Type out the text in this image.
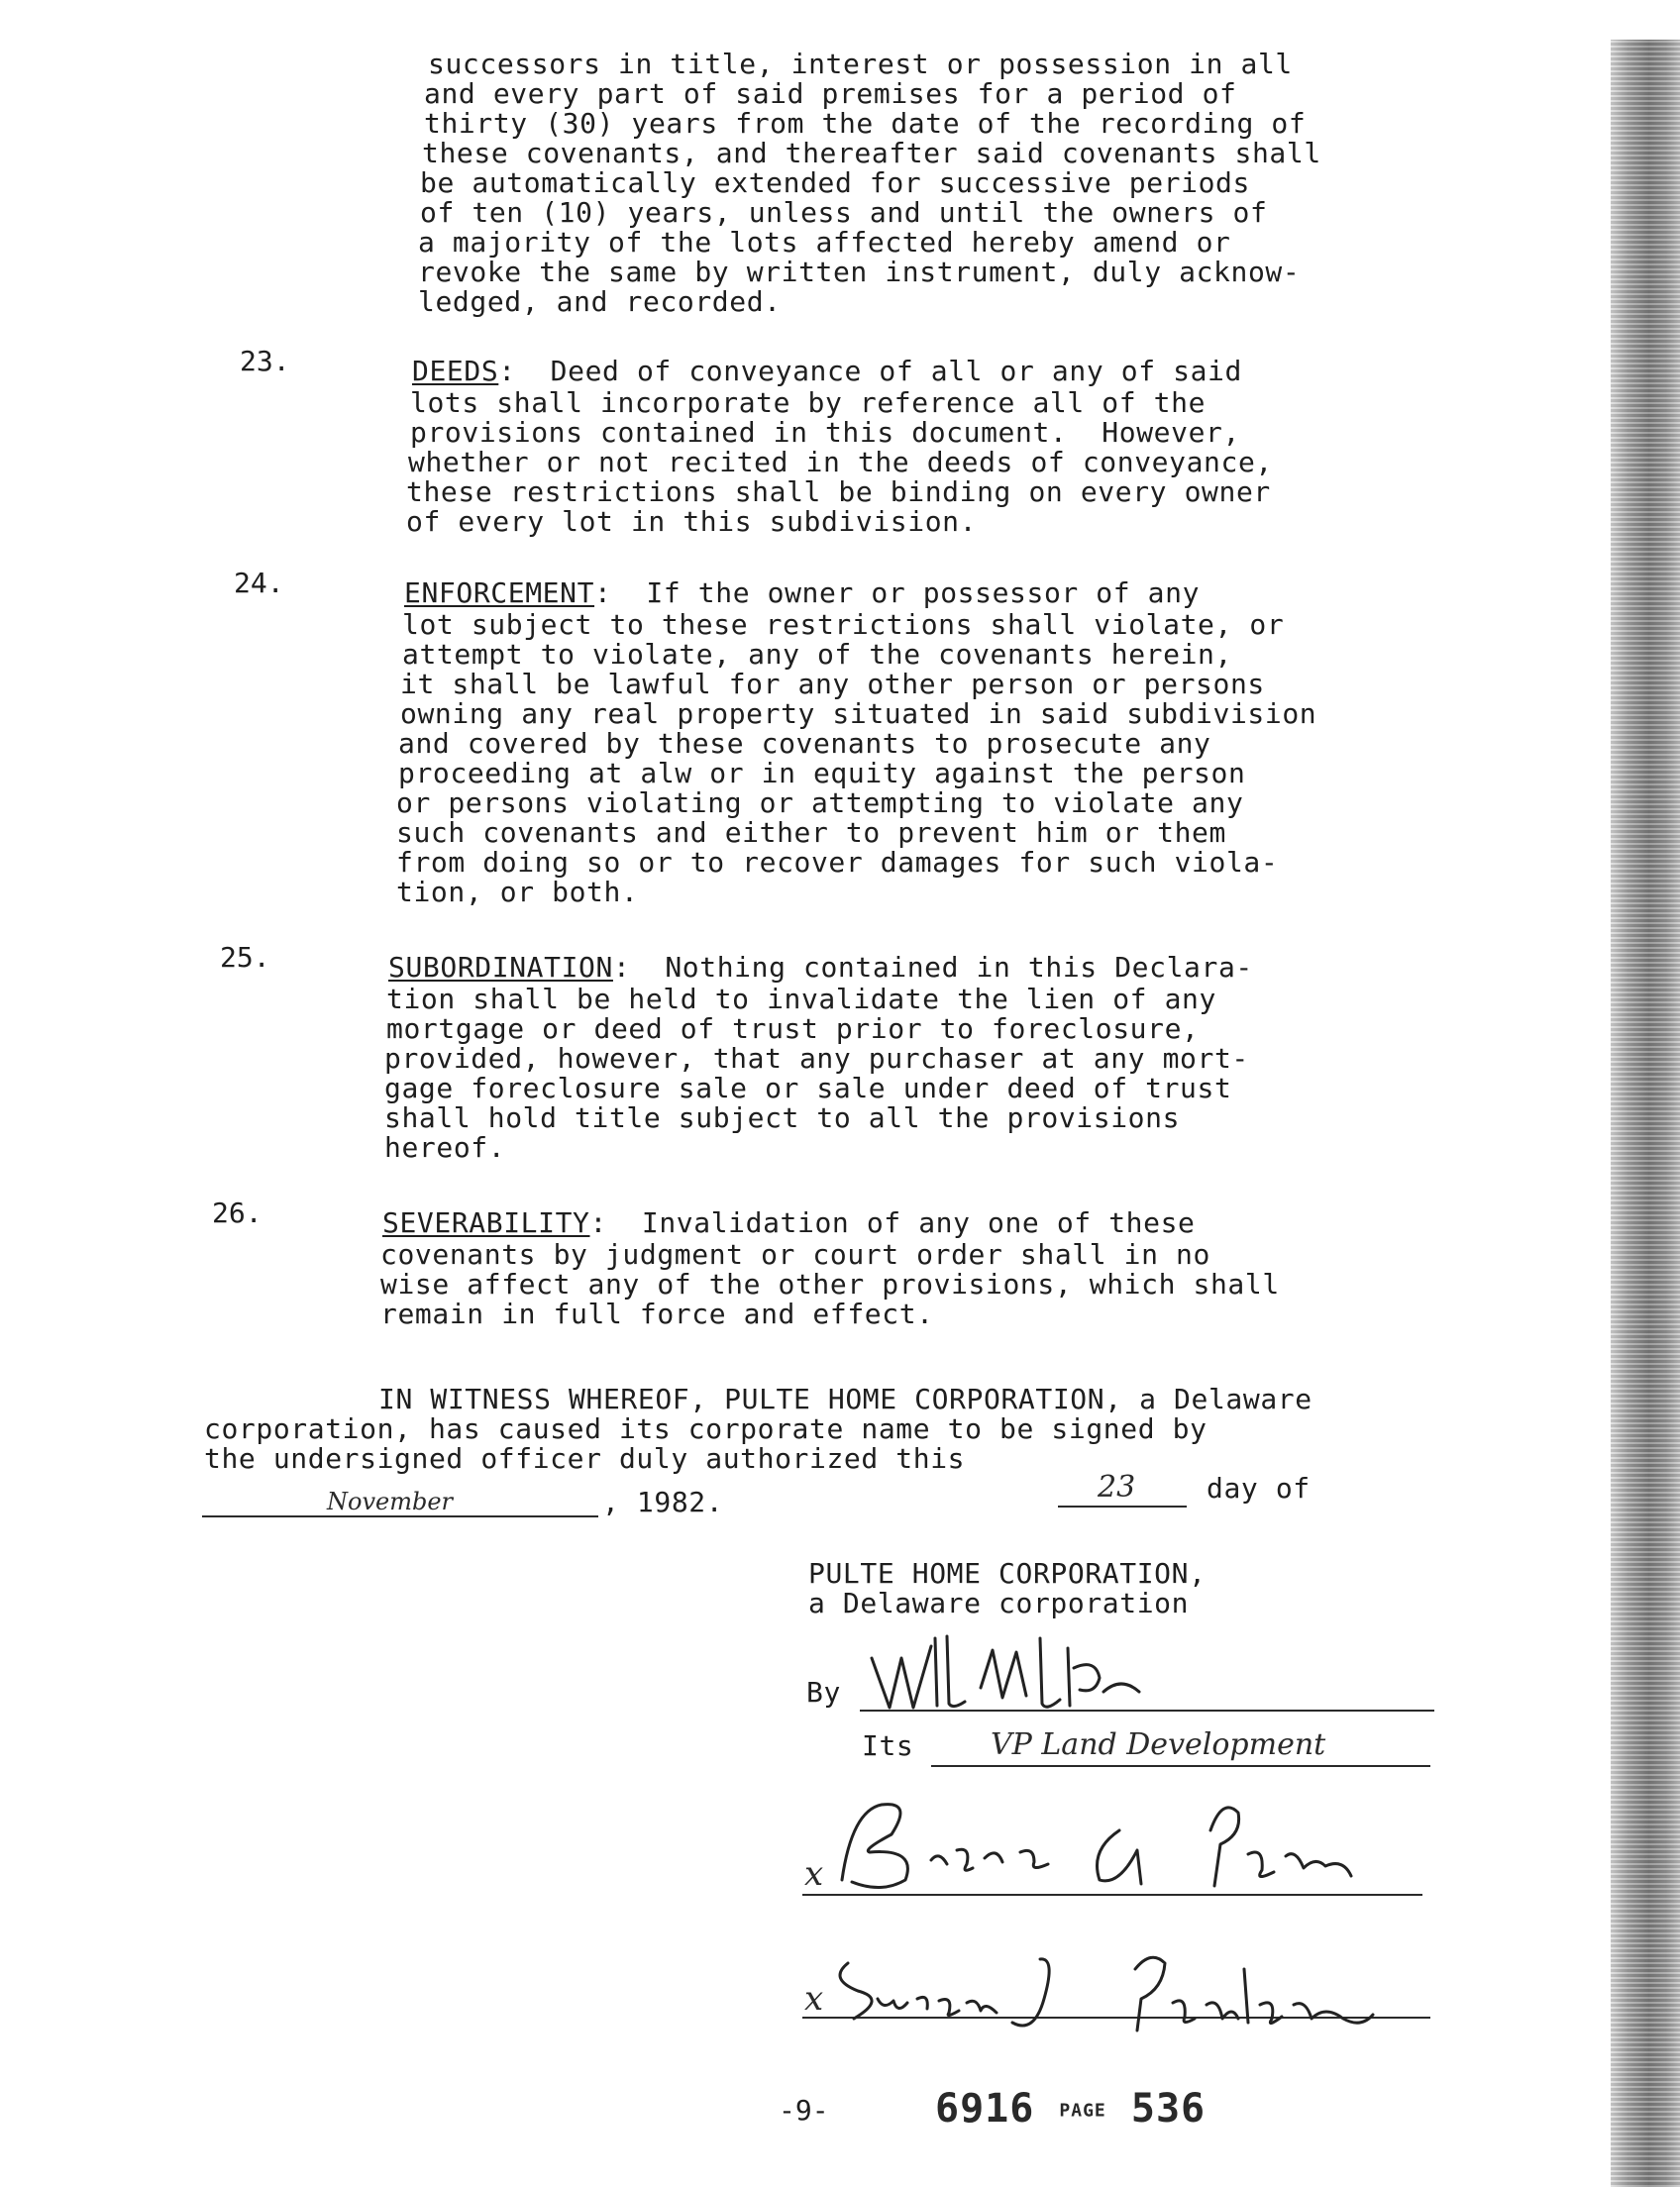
successors in title, interest or possession in all
and every part of said premises for a period of
thirty (30) years from the date of the recording of
these covenants, and thereafter said covenants shall
be automatically extended for successive periods
of ten (10) years, unless and until the owners of
a majority of the lots affected hereby amend or
revoke the same by written instrument, duly acknow-
ledged, and recorded.
23.	DEEDS:  Deed of conveyance of all or any of said
lots shall incorporate by reference all of the
provisions contained in this document.  However,
whether or not recited in the deeds of conveyance,
these restrictions shall be binding on every owner
of every lot in this subdivision.
24.	ENFORCEMENT:  If the owner or possessor of any
lot subject to these restrictions shall violate, or
attempt to violate, any of the covenants herein,
it shall be lawful for any other person or persons
owning any real property situated in said subdivision
and covered by these covenants to prosecute any
proceeding at alw or in equity against the person
or persons violating or attempting to violate any
such covenants and either to prevent him or them
from doing so or to recover damages for such viola-
tion, or both.
25.	SUBORDINATION:  Nothing contained in this Declara-
tion shall be held to invalidate the lien of any
mortgage or deed of trust prior to foreclosure,
provided, however, that any purchaser at any mort-
gage foreclosure sale or sale under deed of trust
shall hold title subject to all the provisions
hereof.
26.	SEVERABILITY:  Invalidation of any one of these
covenants by judgment or court order shall in no
wise affect any of the other provisions, which shall
remain in full force and effect.
IN WITNESS WHEREOF, PULTE HOME CORPORATION, a Delaware
corporation, has caused its corporate name to be signed by
the undersigned officer duly authorized this
23	day of
November	, 1982.
PULTE HOME CORPORATION,
a Delaware corporation
By
Its	VP Land Development
x
x
-9-	6916 PAGE 536
